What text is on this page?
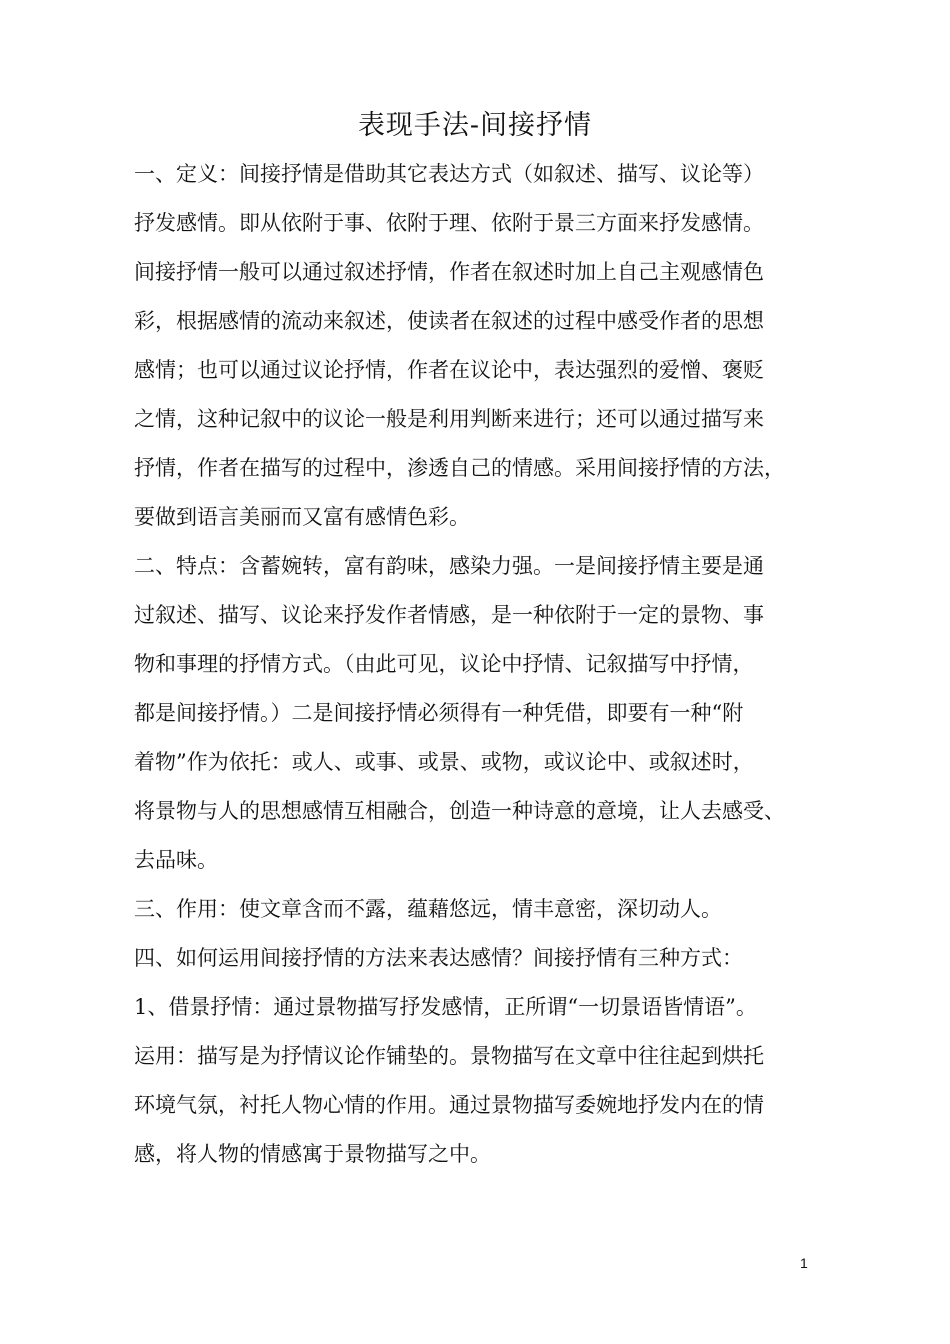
表现手法-间接抒情

一、定义：间接抒情是借助其它表达方式（如叙述、描写、议论等）

抒发感情。即从依附于事、依附于理、依附于景三方面来抒发感情。

间接抒情一般可以通过叙述抒情，作者在叙述时加上自己主观感情色

彩，根据感情的流动来叙述，使读者在叙述的过程中感受作者的思想

感情；也可以通过议论抒情，作者在议论中，表达强烈的爱憎、褒贬

之情，这种记叙中的议论一般是利用判断来进行；还可以通过描写来

抒情，作者在描写的过程中，渗透自己的情感。采用间接抒情的方法，

要做到语言美丽而又富有感情色彩。

二、特点：含蓄婉转，富有韵味，感染力强。一是间接抒情主要是通

过叙述、描写、议论来抒发作者情感，是一种依附于一定的景物、事

物和事理的抒情方式。（由此可见，议论中抒情、记叙描写中抒情，

都是间接抒情。）二是间接抒情必须得有一种凭借，即要有一种“附

着物”作为依托：或人、或事、或景、或物，或议论中、或叙述时，

将景物与人的思想感情互相融合，创造一种诗意的意境，让人去感受、

去品味。

三、作用：使文章含而不露，蕴藉悠远，情丰意密，深切动人。

四、如何运用间接抒情的方法来表达感情？间接抒情有三种方式：

1、借景抒情：通过景物描写抒发感情，正所谓“一切景语皆情语”。

运用：描写是为抒情议论作铺垫的。景物描写在文章中往往起到烘托

环境气氛，衬托人物心情的作用。通过景物描写委婉地抒发内在的情

感，将人物的情感寓于景物描写之中。

1
